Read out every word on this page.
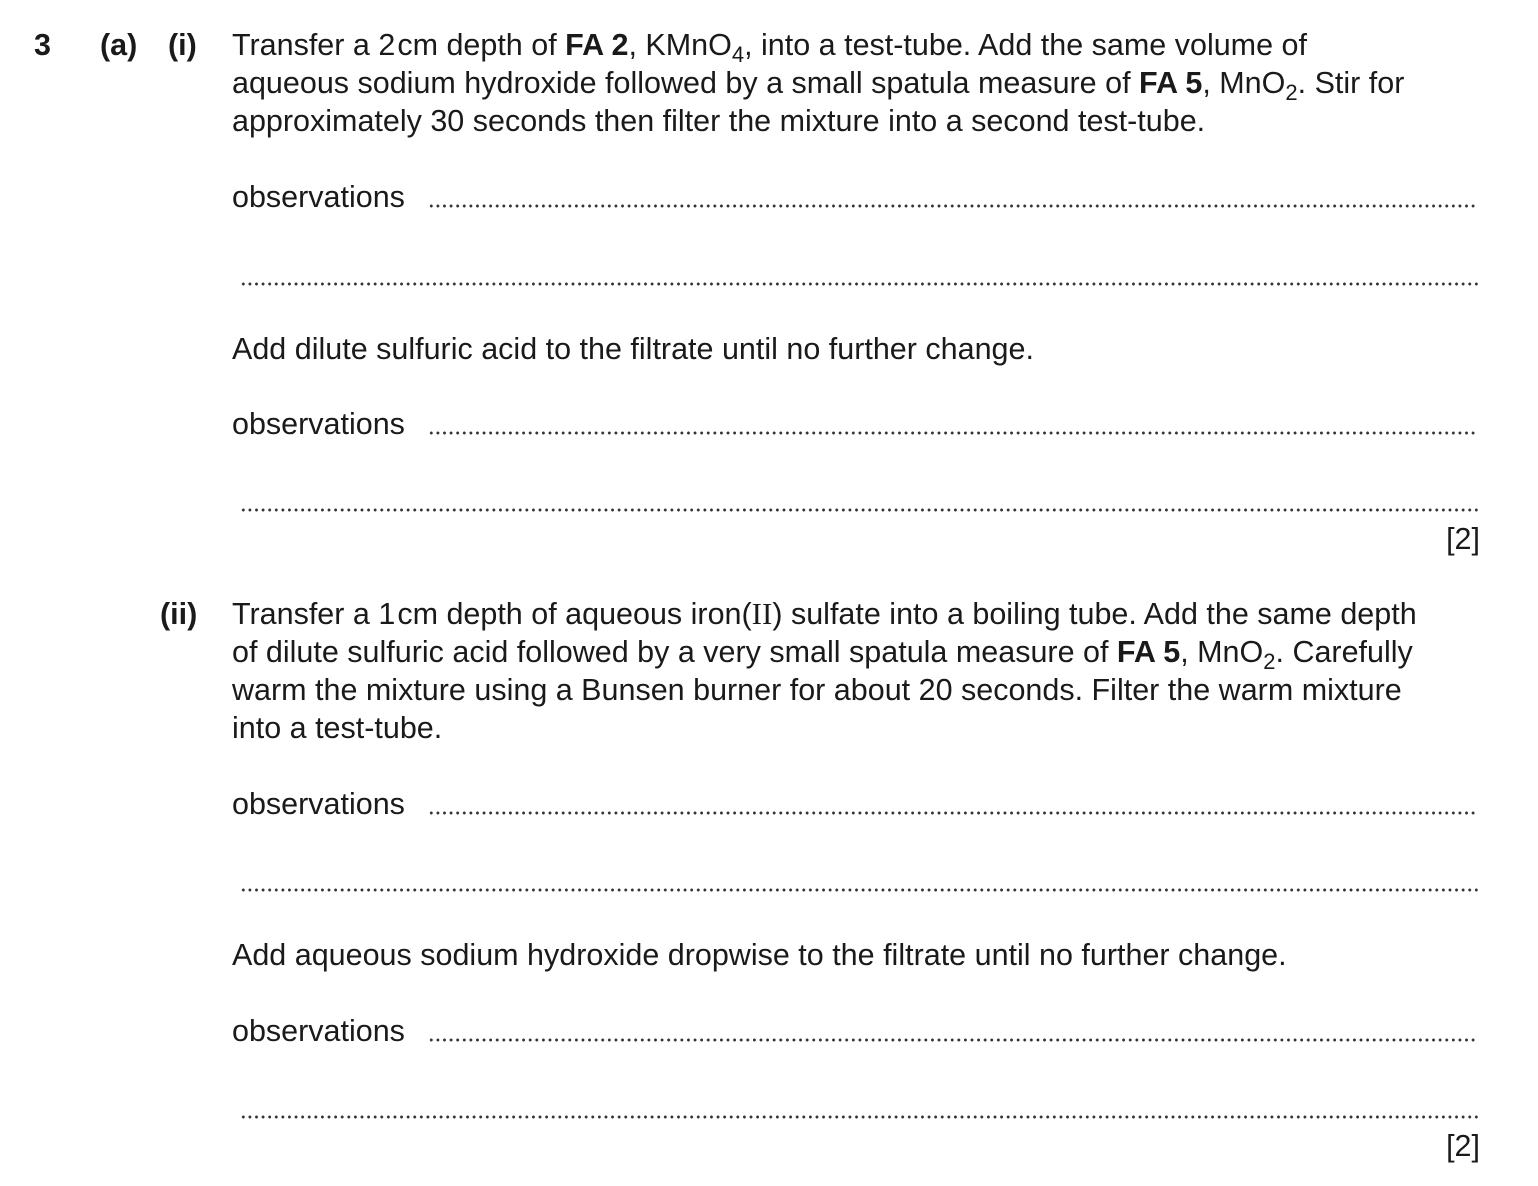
3 (a) (i) Transfer a 2cm depth of FA 2, KMnO$_4$, into a test-tube. Add the same volume of
aqueous sodium hydroxide followed by a small spatula measure of FA 5, MnO$_2$. Stir for
approximately 30 seconds then filter the mixture into a second test-tube.
observations
Add dilute sulfuric acid to the filtrate until no further change.
observations
[2]
(ii) Transfer a 1cm depth of aqueous iron(II) sulfate into a boiling tube. Add the same depth
of dilute sulfuric acid followed by a very small spatula measure of FA 5, MnO$_2$. Carefully
warm the mixture using a Bunsen burner for about 20 seconds. Filter the warm mixture
into a test-tube.
observations
Add aqueous sodium hydroxide dropwise to the filtrate until no further change.
observations
[2]
